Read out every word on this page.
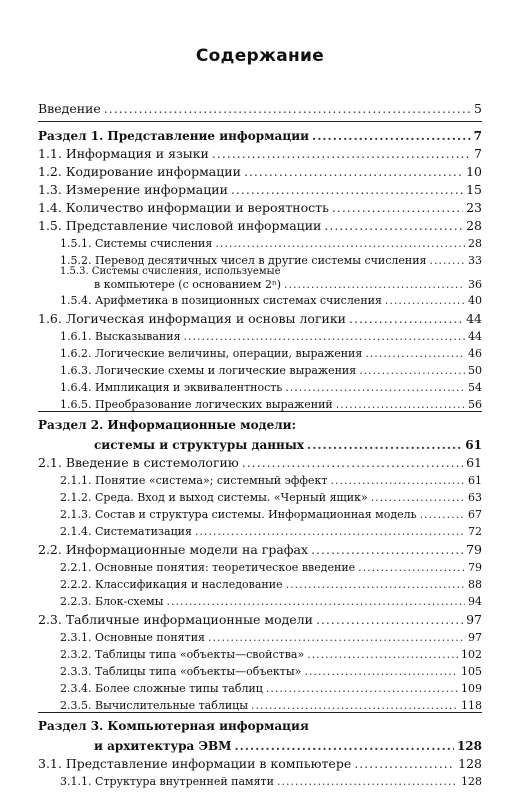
Содержание
Введение .....	5
Раздел 1. Представление информации .....	7
1.1. Информация и языки .....	7
1.2. Кодирование информации .....	10
1.3. Измерение информации .....	15
1.4. Количество информации и вероятность .....	23
1.5. Представление числовой информации .....	28
1.5.1. Системы счисления .....	28
1.5.2. Перевод десятичных чисел в другие системы счисления .....	33
1.5.3. Системы счисления, используемые
в компьютере (с основанием 2ⁿ) .....	36
1.5.4. Арифметика в позиционных системах счисления .....	40
1.6. Логическая информация и основы логики .....	44
1.6.1. Высказывания .....	44
1.6.2. Логические величины, операции, выражения .....	46
1.6.3. Логические схемы и логические выражения .....	50
1.6.4. Импликация и эквивалентность .....	54
1.6.5. Преобразование логических выражений .....	56
Раздел 2. Информационные модели:
системы и структуры данных .....	61
2.1. Введение в системологию .....	61
2.1.1. Понятие «система»; системный эффект .....	61
2.1.2. Среда. Вход и выход системы. «Черный ящик» .....	63
2.1.3. Состав и структура системы. Информационная модель .....	67
2.1.4. Систематизация .....	72
2.2. Информационные модели на графах .....	79
2.2.1. Основные понятия: теоретическое введение .....	79
2.2.2. Классификация и наследование .....	88
2.2.3. Блок-схемы .....	94
2.3. Табличные информационные модели .....	97
2.3.1. Основные понятия .....	97
2.3.2. Таблицы типа «объекты—свойства» .....	102
2.3.3. Таблицы типа «объекты—объекты» .....	105
2.3.4. Более сложные типы таблиц .....	109
2.3.5. Вычислительные таблицы .....	118
Раздел 3. Компьютерная информация
и архитектура ЭВМ .....	128
3.1. Представление информации в компьютере .....	128
3.1.1. Структура внутренней памяти .....	128
